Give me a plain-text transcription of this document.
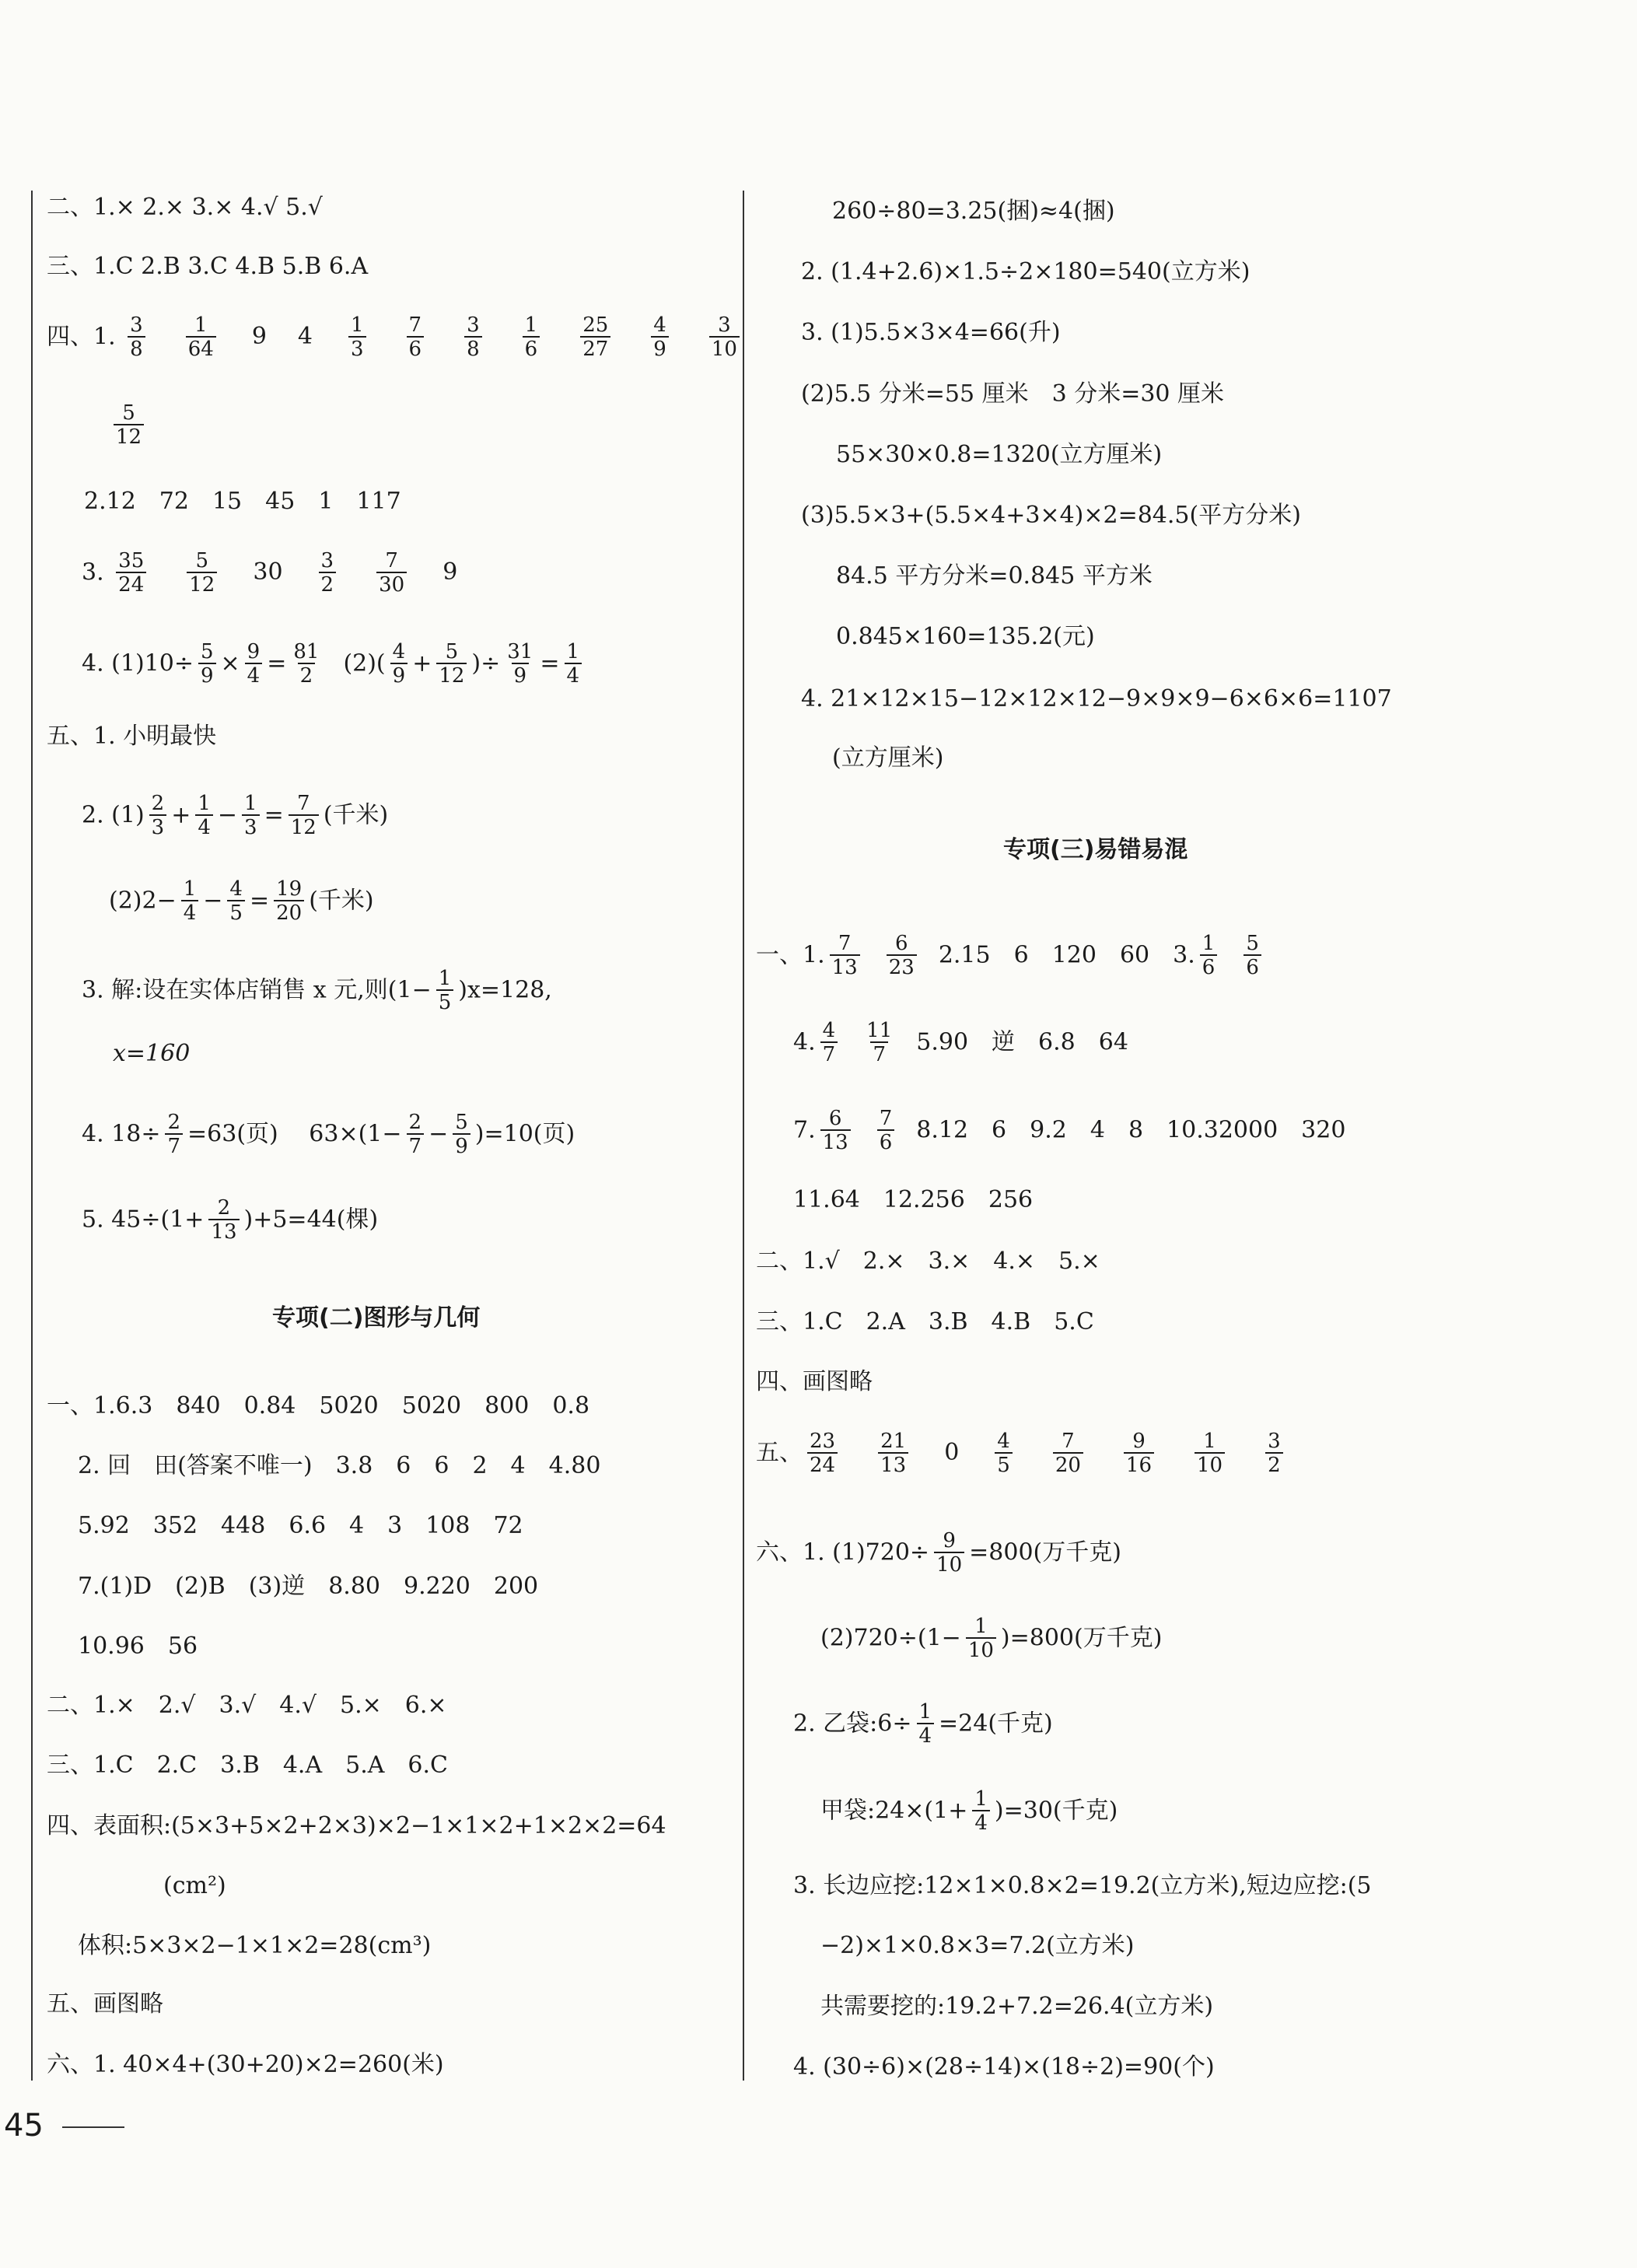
二、1.× 2.× 3.× 4.√ 5.√
三、1.C 2.B 3.C 4.B 5.B 6.A
四、1. $\frac{3}{8} \frac{1}{64} 9$ $4 \frac{1}{3} \frac{7}{6} \frac{3}{8} \frac{1}{6} \frac{25}{27} \frac{4}{9} \frac{3}{10}$
$\frac{5}{12}$
2.12　72　15　45　1　117
3. $\frac{35}{24} \frac{5}{12} 30 \frac{3}{2} \frac{7}{30} 9$
4. $(1)10\div \frac{5}{9} \times \frac{9}{4} = \frac{81}{2} (2)( \frac{4}{9} + \frac{5}{12}$ )÷ $\frac{31}{9} = \frac{1}{4}$
五、1. 小明最快
2. $(1) \frac{2}{3} + \frac{1}{4} - \frac{1}{3} = \frac{7}{12}$ (千米)
$(2)2- \frac{1}{4} - \frac{4}{5} = \frac{19}{20}$ (千米)
3. 解:设在实体店销售 x 元,则$(1- \frac{1}{5} )x=128$,
x=160
4. $18\div \frac{2}{7} =63$(页)　 $63\times(1- \frac{2}{7} - \frac{5}{9} )=10$(页)
5. $45\div(1+ \frac{2}{13} )+5=44$(棵)
专项(二)图形与几何
一、1.6.3　840　0.84　5020　5020　800　0.8
2. 回　田(答案不唯一)　3.8　6　6　2　4　4.80
5.92　352　448　6.6　4　3　108　72
7.(1)D　(2)B　(3)逆　8.80　9.220　200
10.96　56
二、1.×　2.√　3.√　4.√　5.×　6.×
三、1.C　2.C　3.B　4.A　5.A　6.C
四、表面积:(5×3+5×2+2×3)×2−1×1×2+1×2×2=64
(cm²)
体积:5×3×2−1×1×2=28(cm³)
五、画图略
六、1. 40×4+(30+20)×2=260(米)
45
260÷80=3.25(捆)≈4(捆)
2. (1.4+2.6)×1.5÷2×180=540(立方米)
3. (1)5.5×3×4=66(升)
(2)5.5 分米=55 厘米　3 分米=30 厘米
55×30×0.8=1320(立方厘米)
(3)5.5×3+(5.5×4+3×4)×2=84.5(平方分米)
84.5 平方分米=0.845 平方米
0.845×160=135.2(元)
4. 21×12×15−12×12×12−9×9×9−6×6×6=1107
(立方厘米)
专项(三)易错易混
一、1. $\frac{7}{13} \frac{6}{23} 2.15$　6　120　60　3. $\frac{1}{6} \frac{5}{6}$
4. $\frac{4}{7} \frac{11}{7} 5.90$　逆　6.8　64
7. $\frac{6}{13} \frac{7}{6} 8.12$　6　9.2　4　8　10.32000　320
11.64　12.256　256
二、1.√　2.×　3.×　4.×　5.×
三、1.C　2.A　3.B　4.B　5.C
四、画图略
五、 $\frac{23}{24} \frac{21}{13} 0 \frac{4}{5} \frac{7}{20} \frac{9}{16} \frac{1}{10} \frac{3}{2}$
六、1. $(1)720\div \frac{9}{10} =800$(万千克)
$(2)720\div(1- \frac{1}{10} )=800$(万千克)
2. 乙袋:6÷ $\frac{1}{4} =24$(千克)
甲袋:24×(1+ $\frac{1}{4} )=30$(千克)
3. 长边应挖:12×1×0.8×2=19.2(立方米),短边应挖:(5
−2)×1×0.8×3=7.2(立方米)
共需要挖的:19.2+7.2=26.4(立方米)
4. (30÷6)×(28÷14)×(18÷2)=90(个)
